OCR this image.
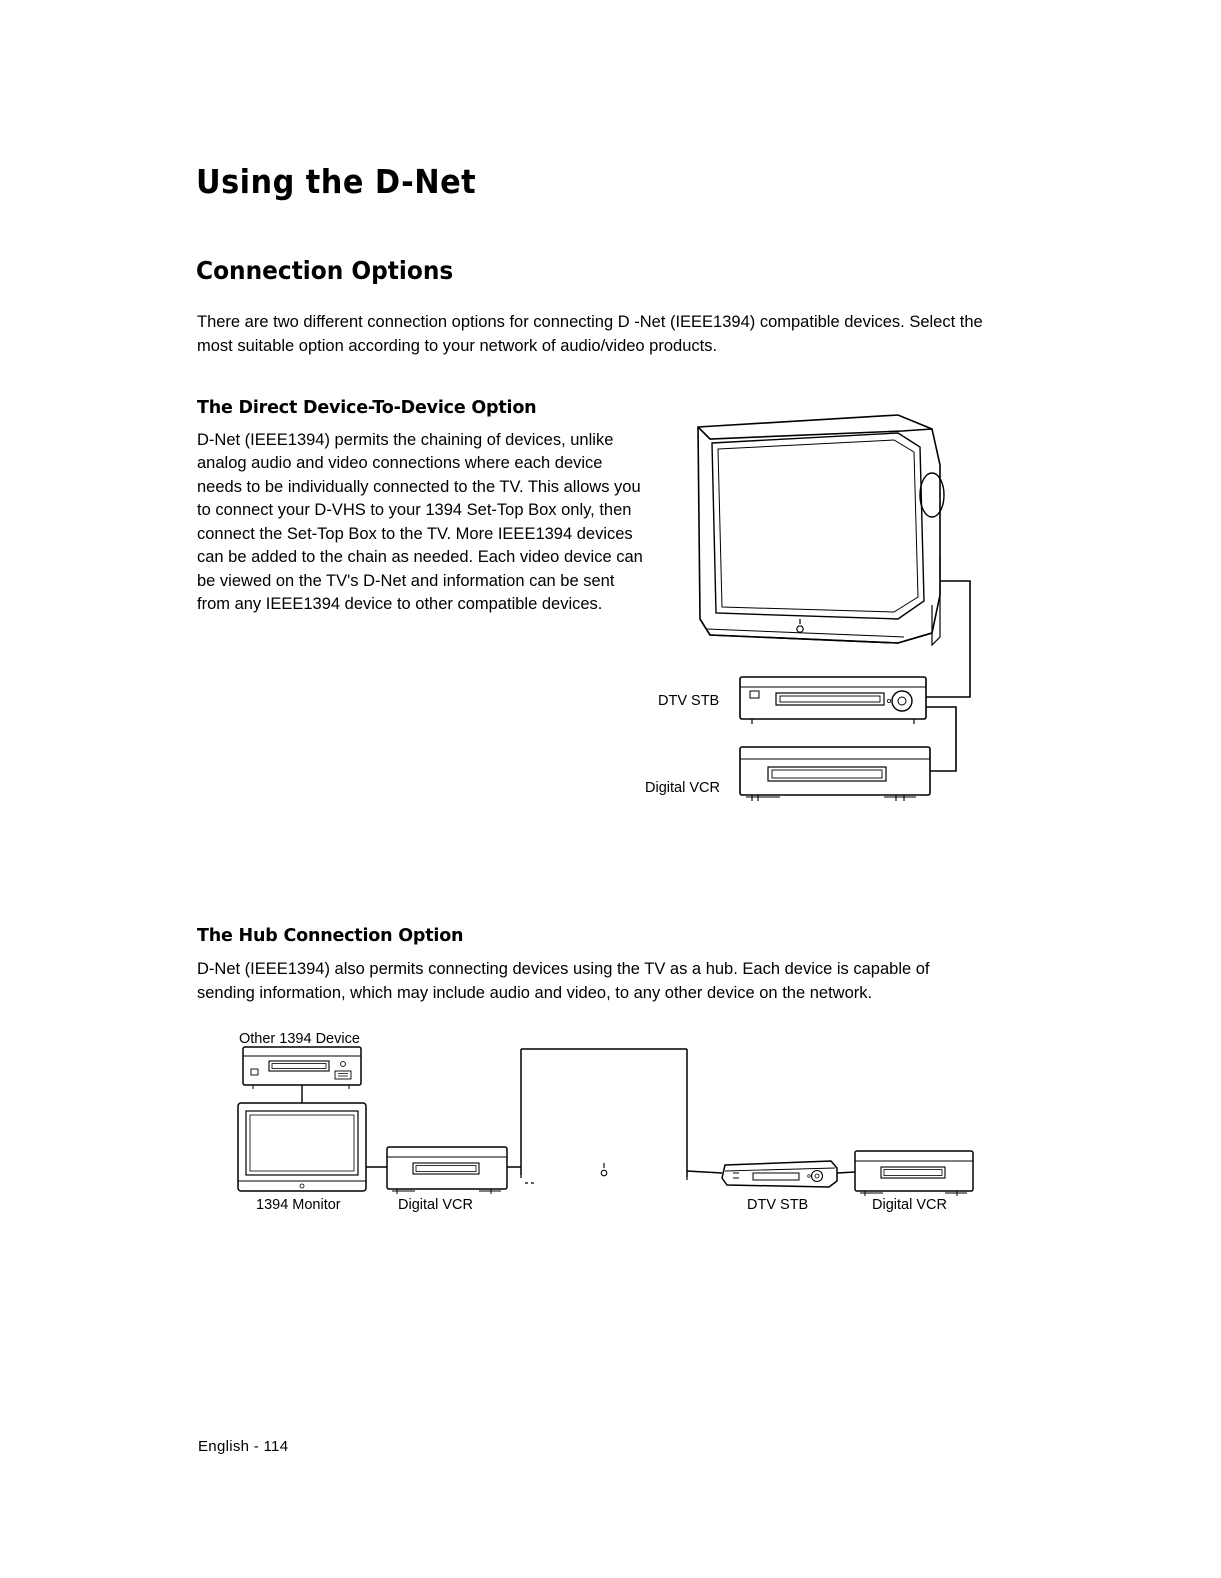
Using the D-Net
Connection Options

There are two different connection options for connecting D -Net (IEEE1394) compatible devices. Select the most suitable option according to your network of audio/video products.

The Direct Device-To-Device Option

D-Net (IEEE1394) permits the chaining of devices, unlike analog audio and video connections where each device needs to be individually connected to the TV. This allows you to connect your D-VHS to your 1394 Set-Top Box only, then connect the Set-Top Box to the TV. More IEEE1394 devices can be added to the chain as needed. Each video device can be viewed on the TV's D-Net and information can be sent from any IEEE1394 device to other compatible devices.

DTV STB
Digital VCR
The Hub Connection Option

D-Net (IEEE1394) also permits connecting devices using the TV as a hub. Each device is capable of sending information, which may include audio and video, to any other device on the network.

Other 1394 Device
1394 Monitor	Digital VCR	DTV STB	Digital VCR
English - 114
